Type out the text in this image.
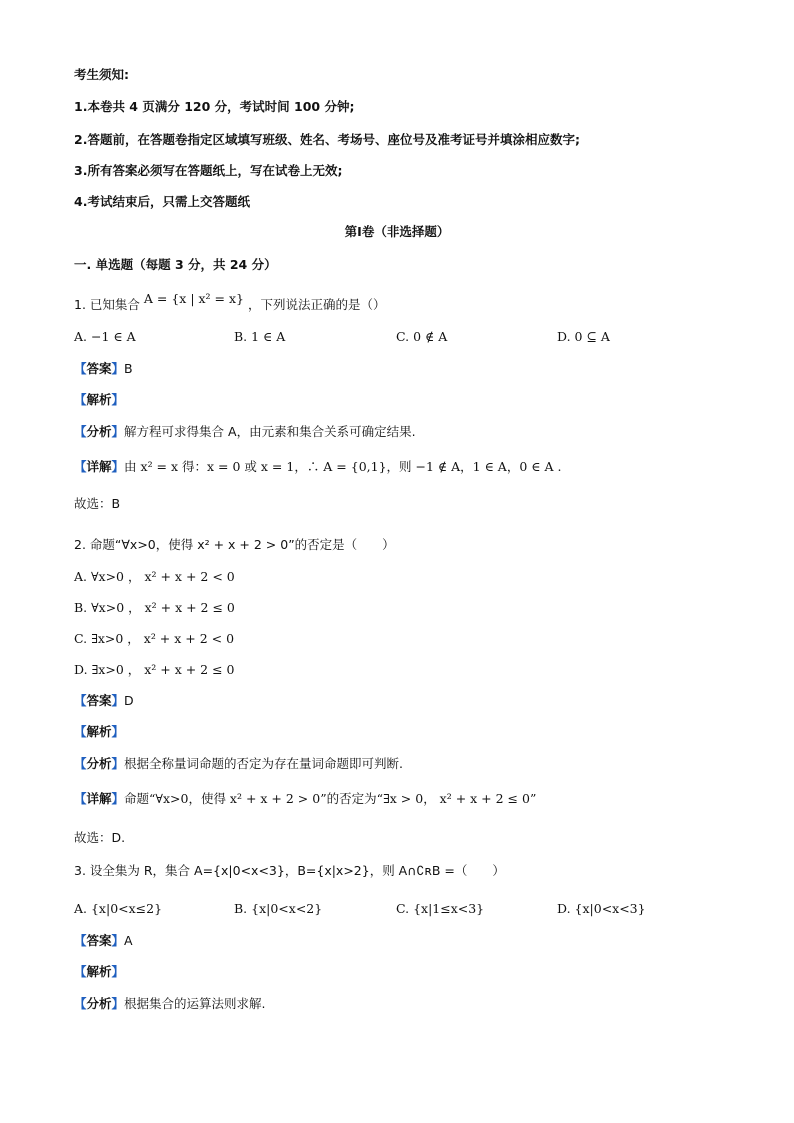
考生须知:
1.本卷共 4 页满分 120 分，考试时间 100 分钟;
2.答题前，在答题卷指定区域填写班级、姓名、考场号、座位号及准考证号并填涂相应数字;
3.所有答案必须写在答题纸上，写在试卷上无效;
4.考试结束后，只需上交答题纸
第Ⅰ卷（非选择题）
一. 单选题（每题 3 分，共 24 分）
1. 已知集合 A = {x | x² = x} ，下列说法正确的是（）
A. −1 ∈ A	B. 1 ∈ A	C. 0 ∉ A	D. 0 ⊆ A
【答案】B
【解析】
【分析】解方程可求得集合 A，由元素和集合关系可确定结果.
【详解】由 x² = x 得：x = 0 或 x = 1，∴ A = {0,1}，则 −1 ∉ A，1 ∈ A，0 ∈ A .
故选：B
2. 命题“∀x>0，使得 x² + x + 2 > 0”的否定是（　　）
A. ∀x>0 ， x² + x + 2 < 0
B. ∀x>0 ， x² + x + 2 ≤ 0
C. ∃x>0 ， x² + x + 2 < 0
D. ∃x>0 ， x² + x + 2 ≤ 0
【答案】D
【解析】
【分析】根据全称量词命题的否定为存在量词命题即可判断.
【详解】命题“∀x>0，使得 x² + x + 2 > 0”的否定为“∃x > 0， x² + x + 2 ≤ 0”
故选：D.
3. 设全集为 R，集合 A={x|0<x<3}，B={x|x>2}，则 A∩∁ʀB =（　　）
A. {x|0<x≤2}	B. {x|0<x<2}	C. {x|1≤x<3}	D. {x|0<x<3}
【答案】A
【解析】
【分析】根据集合的运算法则求解.
